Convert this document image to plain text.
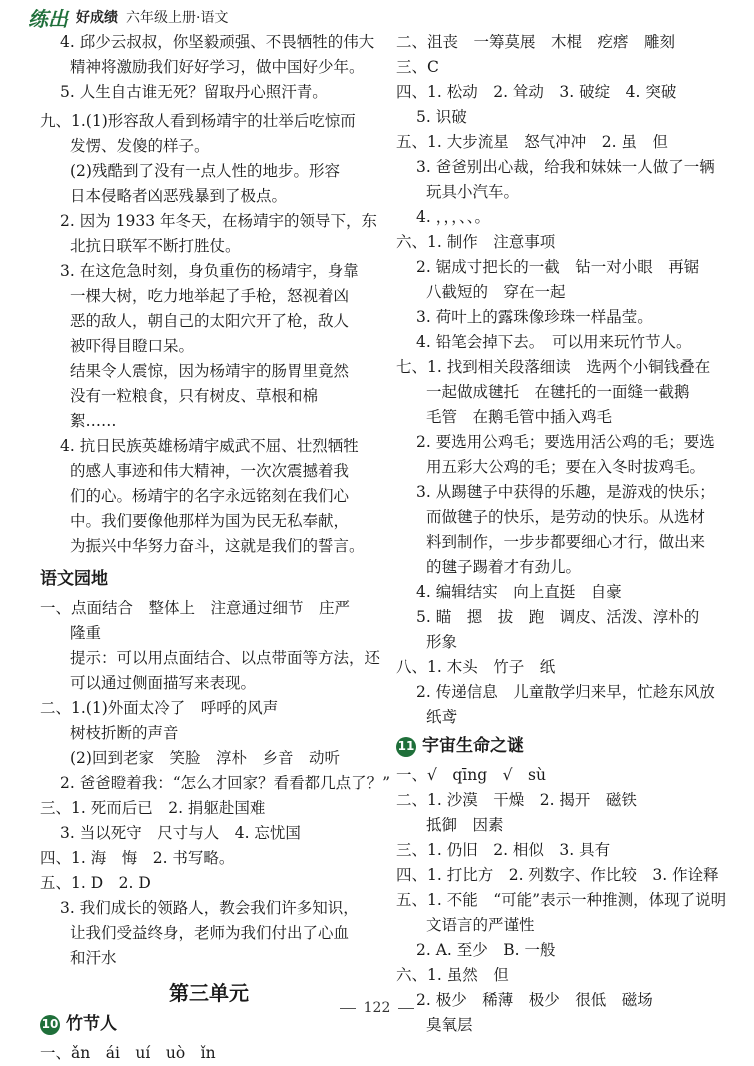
练出 好成绩 六年级上册·语文
4. 邱少云叔叔，你坚毅顽强、不畏牺牲的伟大
精神将激励我们好好学习，做中国好少年。
5. 人生自古谁无死？留取丹心照汗青。
九、1.(1)形容敌人看到杨靖宇的壮举后吃惊而
发愣、发傻的样子。
(2)残酷到了没有一点人性的地步。形容
日本侵略者凶恶残暴到了极点。
2. 因为 1933 年冬天，在杨靖宇的领导下，东
北抗日联军不断打胜仗。
3. 在这危急时刻，身负重伤的杨靖宇，身靠
一棵大树，吃力地举起了手枪，怒视着凶
恶的敌人，朝自己的太阳穴开了枪，敌人
被吓得目瞪口呆。
结果令人震惊，因为杨靖宇的肠胃里竟然
没有一粒粮食，只有树皮、草根和棉
絮……
4. 抗日民族英雄杨靖宇威武不屈、壮烈牺牲
的感人事迹和伟大精神，一次次震撼着我
们的心。杨靖宇的名字永远铭刻在我们心
中。我们要像他那样为国为民无私奉献，
为振兴中华努力奋斗，这就是我们的誓言。
语文园地
一、点面结合　整体上　注意通过细节　庄严
隆重
提示：可以用点面结合、以点带面等方法，还
可以通过侧面描写来表现。
二、1.(1)外面太冷了　呼呼的风声
树枝折断的声音
(2)回到老家　笑脸　淳朴　乡音　动听
2. 爸爸瞪着我：“怎么才回家？看看都几点了？”
三、1. 死而后已　2. 捐躯赴国难
3. 当以死守　尺寸与人　4. 忘忧国
四、1. 海　悔　2. 书写略。
五、1. D　2. D
3. 我们成长的领路人，教会我们许多知识，
让我们受益终身，老师为我们付出了心血
和汗水
第三单元
10 竹节人
一、ǎn　ái　uí　uò　ǐn
二、沮丧　一筹莫展　木棍　疙瘩　雕刻
三、C
四、1. 松动　2. 耸动　3. 破绽　4. 突破
5. 识破
五、1. 大步流星　怒气冲冲　2. 虽　但
3. 爸爸别出心裁，给我和妹妹一人做了一辆
玩具小汽车。
4. ，，，、、。
六、1. 制作　注意事项
2. 锯成寸把长的一截　钻一对小眼　再锯
八截短的　穿在一起
3. 荷叶上的露珠像珍珠一样晶莹。
4. 铅笔会掉下去。　可以用来玩竹节人。
七、1. 找到相关段落细读　选两个小铜钱叠在
一起做成毽托　在毽托的一面缝一截鹅
毛管　在鹅毛管中插入鸡毛
2. 要选用公鸡毛；要选用活公鸡的毛；要选
用五彩大公鸡的毛；要在入冬时拔鸡毛。
3. 从踢毽子中获得的乐趣，是游戏的快乐；
而做毽子的快乐，是劳动的快乐。从选材
料到制作，一步步都要细心才行，做出来
的毽子踢着才有劲儿。
4. 编辑结实　向上直挺　自豪
5. 瞄　摁　拔　跑　调皮、活泼、淳朴的
形象
八、1. 木头　竹子　纸
2. 传递信息　儿童散学归来早，忙趁东风放
纸鸢
11 宇宙生命之谜
一、√　qīng　√　sù
二、1. 沙漠　干燥　2. 揭开　磁铁
抵御　因素
三、1. 仍旧　2. 相似　3. 具有
四、1. 打比方　2. 列数字、作比较　3. 作诠释
五、1. 不能　“可能”表示一种推测，体现了说明
文语言的严谨性
2. A. 至少　B. 一般
六、1. 虽然　但
2. 极少　稀薄　极少　很低　磁场
臭氧层
122
